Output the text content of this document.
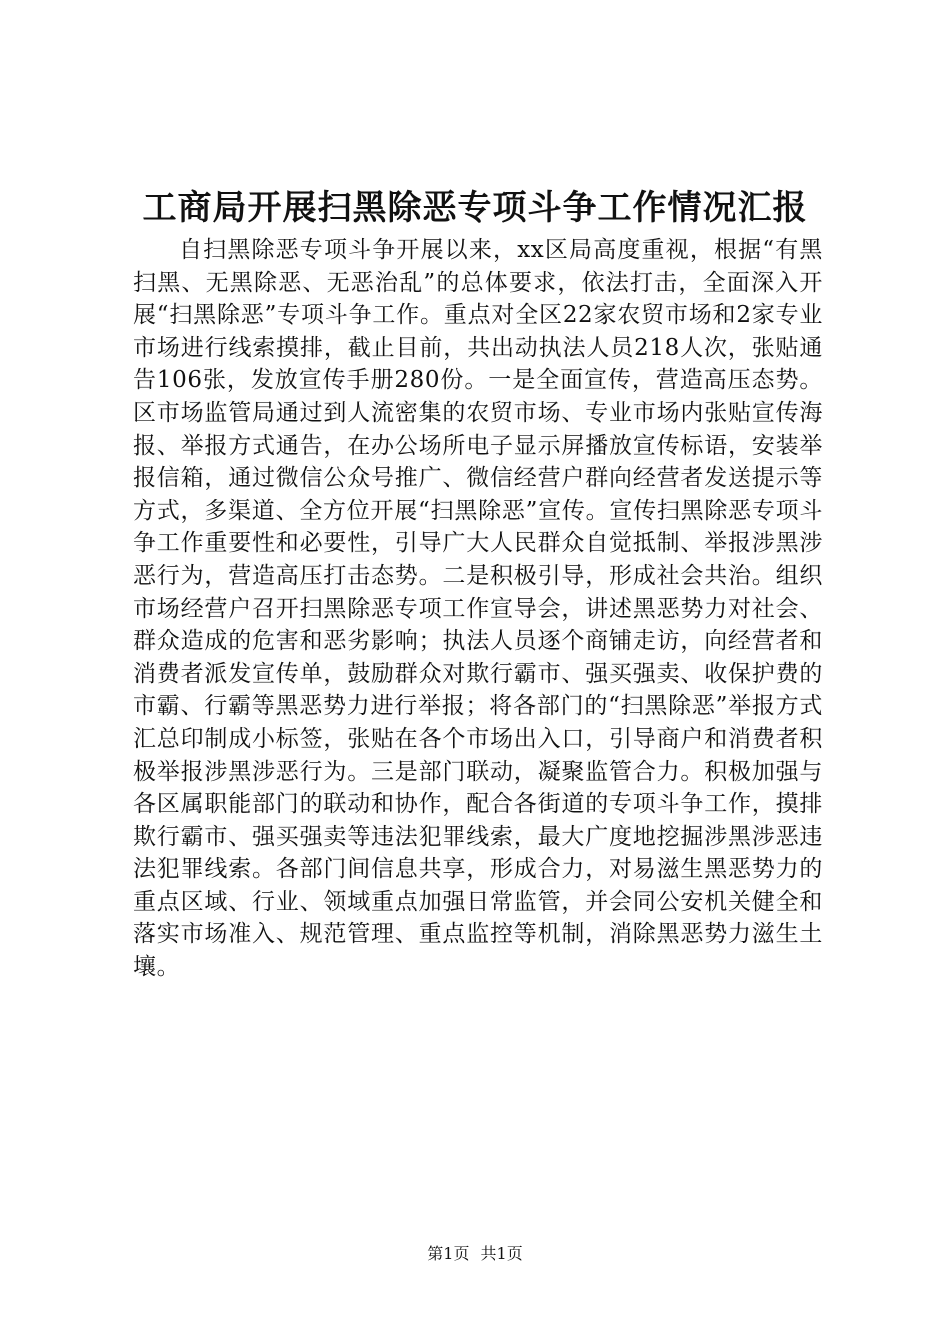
工商局开展扫黑除恶专项斗争工作情况汇报

自扫黑除恶专项斗争开展以来，xx区局高度重视，根据“有黑扫黑、无黑除恶、无恶治乱”的总体要求，依法打击，全面深入开展“扫黑除恶”专项斗争工作。重点对全区22家农贸市场和2家专业市场进行线索摸排，截止目前，共出动执法人员218人次，张贴通告106张，发放宣传手册280份。一是全面宣传，营造高压态势。区市场监管局通过到人流密集的农贸市场、专业市场内张贴宣传海报、举报方式通告，在办公场所电子显示屏播放宣传标语，安装举报信箱，通过微信公众号推广、微信经营户群向经营者发送提示等方式，多渠道、全方位开展“扫黑除恶”宣传。宣传扫黑除恶专项斗争工作重要性和必要性，引导广大人民群众自觉抵制、举报涉黑涉恶行为，营造高压打击态势。二是积极引导，形成社会共治。组织市场经营户召开扫黑除恶专项工作宣导会，讲述黑恶势力对社会、群众造成的危害和恶劣影响；执法人员逐个商铺走访，向经营者和消费者派发宣传单，鼓励群众对欺行霸市、强买强卖、收保护费的市霸、行霸等黑恶势力进行举报；将各部门的“扫黑除恶”举报方式汇总印制成小标签，张贴在各个市场出入口，引导商户和消费者积极举报涉黑涉恶行为。三是部门联动，凝聚监管合力。积极加强与各区属职能部门的联动和协作，配合各街道的专项斗争工作，摸排欺行霸市、强买强卖等违法犯罪线索，最大广度地挖掘涉黑涉恶违法犯罪线索。各部门间信息共享，形成合力，对易滋生黑恶势力的重点区域、行业、领域重点加强日常监管，并会同公安机关健全和落实市场准入、规范管理、重点监控等机制，消除黑恶势力滋生土壤。

第1页 共1页
